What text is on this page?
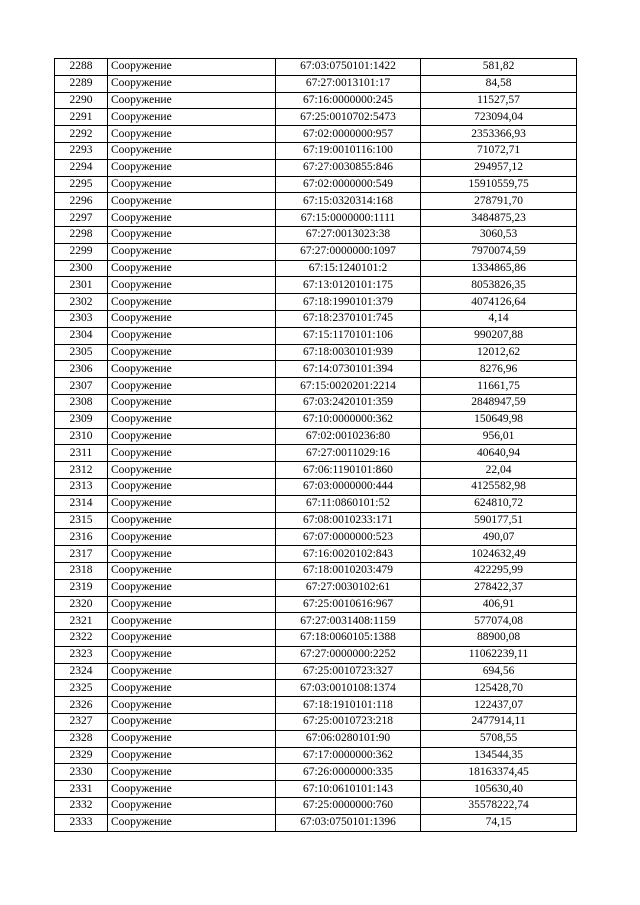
2288	Сооружение	67:03:0750101:1422	581,82
2289	Сооружение	67:27:0013101:17	84,58
2290	Сооружение	67:16:0000000:245	11527,57
2291	Сооружение	67:25:0010702:5473	723094,04
2292	Сооружение	67:02:0000000:957	2353366,93
2293	Сооружение	67:19:0010116:100	71072,71
2294	Сооружение	67:27:0030855:846	294957,12
2295	Сооружение	67:02:0000000:549	15910559,75
2296	Сооружение	67:15:0320314:168	278791,70
2297	Сооружение	67:15:0000000:1111	3484875,23
2298	Сооружение	67:27:0013023:38	3060,53
2299	Сооружение	67:27:0000000:1097	7970074,59
2300	Сооружение	67:15:1240101:2	1334865,86
2301	Сооружение	67:13:0120101:175	8053826,35
2302	Сооружение	67:18:1990101:379	4074126,64
2303	Сооружение	67:18:2370101:745	4,14
2304	Сооружение	67:15:1170101:106	990207,88
2305	Сооружение	67:18:0030101:939	12012,62
2306	Сооружение	67:14:0730101:394	8276,96
2307	Сооружение	67:15:0020201:2214	11661,75
2308	Сооружение	67:03:2420101:359	2848947,59
2309	Сооружение	67:10:0000000:362	150649,98
2310	Сооружение	67:02:0010236:80	956,01
2311	Сооружение	67:27:0011029:16	40640,94
2312	Сооружение	67:06:1190101:860	22,04
2313	Сооружение	67:03:0000000:444	4125582,98
2314	Сооружение	67:11:0860101:52	624810,72
2315	Сооружение	67:08:0010233:171	590177,51
2316	Сооружение	67:07:0000000:523	490,07
2317	Сооружение	67:16:0020102:843	1024632,49
2318	Сооружение	67:18:0010203:479	422295,99
2319	Сооружение	67:27:0030102:61	278422,37
2320	Сооружение	67:25:0010616:967	406,91
2321	Сооружение	67:27:0031408:1159	577074,08
2322	Сооружение	67:18:0060105:1388	88900,08
2323	Сооружение	67:27:0000000:2252	11062239,11
2324	Сооружение	67:25:0010723:327	694,56
2325	Сооружение	67:03:0010108:1374	125428,70
2326	Сооружение	67:18:1910101:118	122437,07
2327	Сооружение	67:25:0010723:218	2477914,11
2328	Сооружение	67:06:0280101:90	5708,55
2329	Сооружение	67:17:0000000:362	134544,35
2330	Сооружение	67:26:0000000:335	18163374,45
2331	Сооружение	67:10:0610101:143	105630,40
2332	Сооружение	67:25:0000000:760	35578222,74
2333	Сооружение	67:03:0750101:1396	74,15
